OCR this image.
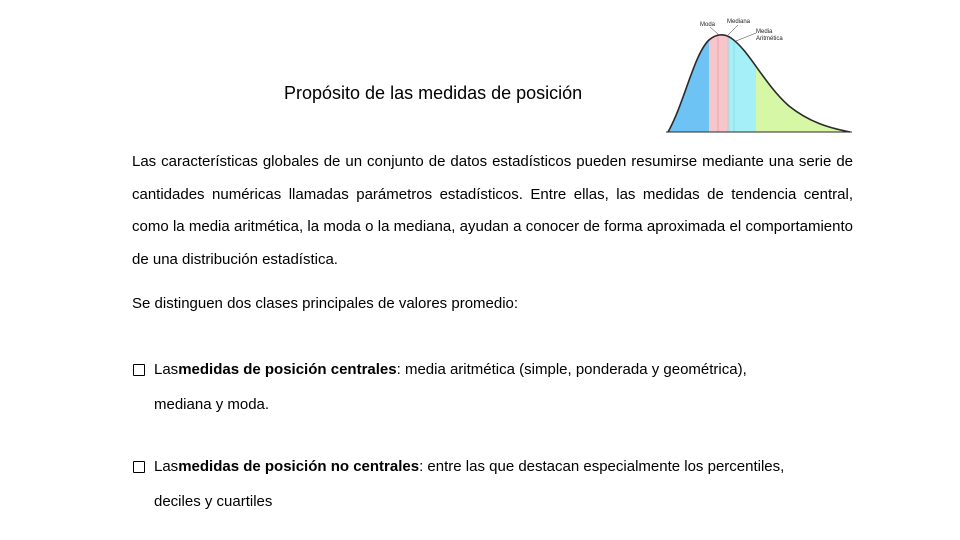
Propósito de las medidas de posición
Moda Mediana
Media
Aritmética
Las características globales de un conjunto de datos estadísticos pueden resumirse mediante una serie de cantidades numéricas llamadas parámetros estadísticos. Entre ellas, las medidas de tendencia central, como la media aritmética, la moda o la mediana, ayudan a conocer de forma aproximada el comportamiento de una distribución estadística.
Se distinguen dos clases principales de valores promedio:
Las medidas de posición centrales : media aritmética (simple, ponderada y geométrica),
mediana y moda.
Las medidas de posición no centrales : entre las que destacan especialmente los percentiles,
deciles y cuartiles
